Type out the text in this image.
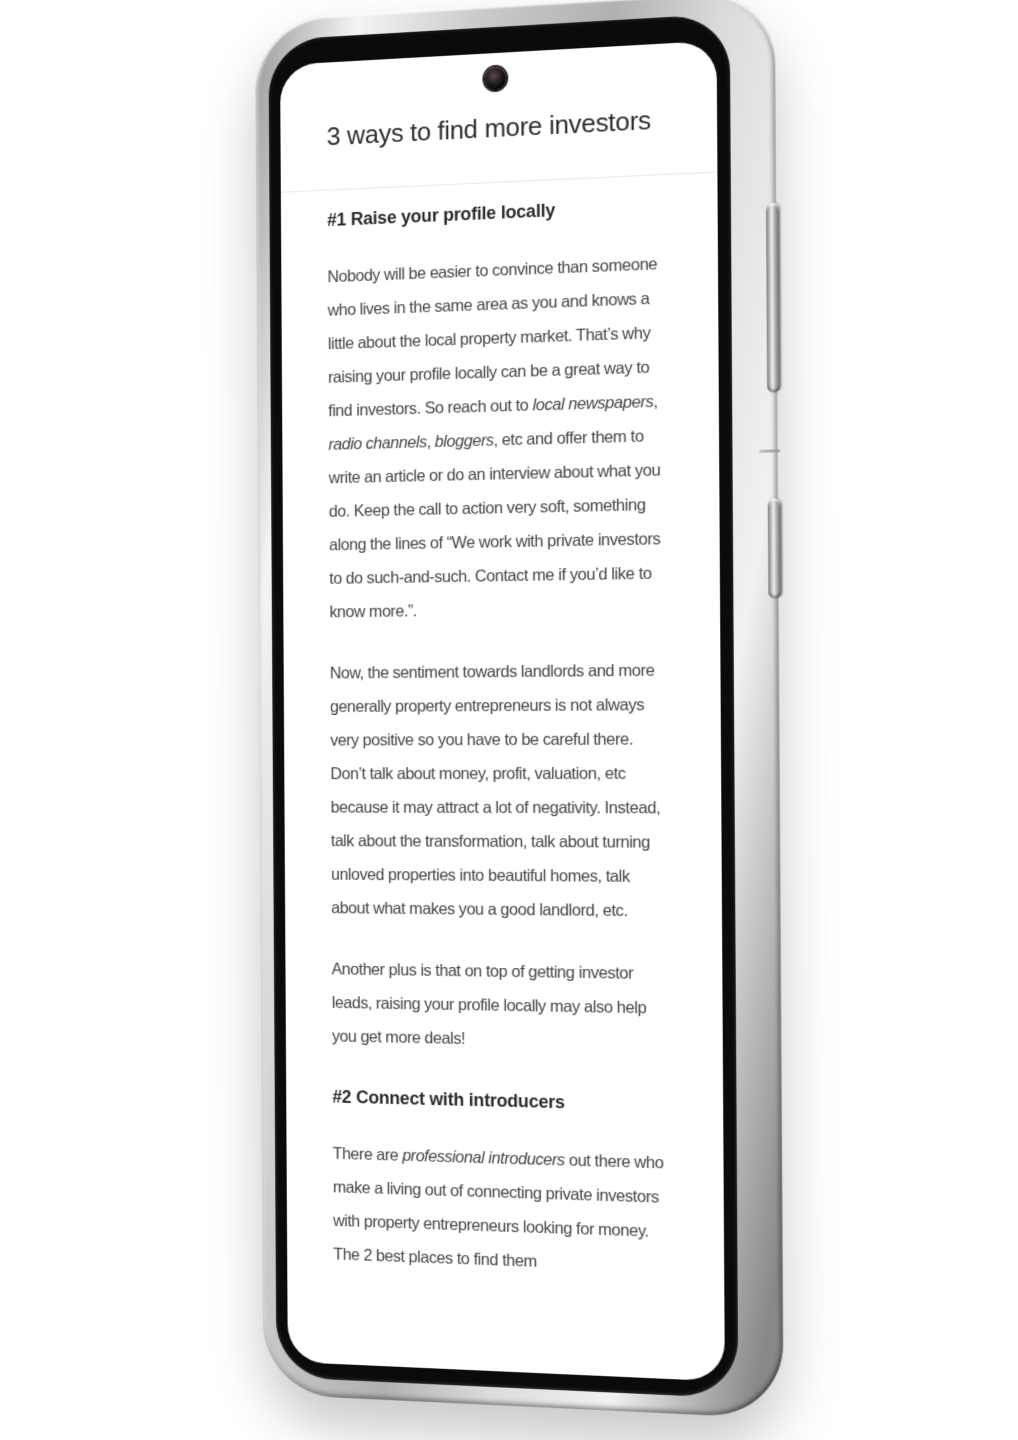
3 ways to find more investors
#1 Raise your profile locally

Nobody will be easier to convince than someone who lives in the same area as you and knows a little about the local property market. That’s why raising your profile locally can be a great way to find investors. So reach out to local newspapers, radio channels, bloggers, etc and offer them to write an article or do an interview about what you do. Keep the call to action very soft, something along the lines of “We work with private investors to do such-and-such. Contact me if you’d like to know more.”.

Now, the sentiment towards landlords and more generally property entrepreneurs is not always very positive so you have to be careful there. Don’t talk about money, profit, valuation, etc because it may attract a lot of negativity. Instead, talk about the transformation, talk about turning unloved properties into beautiful homes, talk about what makes you a good landlord, etc.

Another plus is that on top of getting investor leads, raising your profile locally may also help you get more deals!

#2 Connect with introducers

There are professional introducers out there who make a living out of connecting private investors with property entrepreneurs looking for money. The 2 best places to find them
